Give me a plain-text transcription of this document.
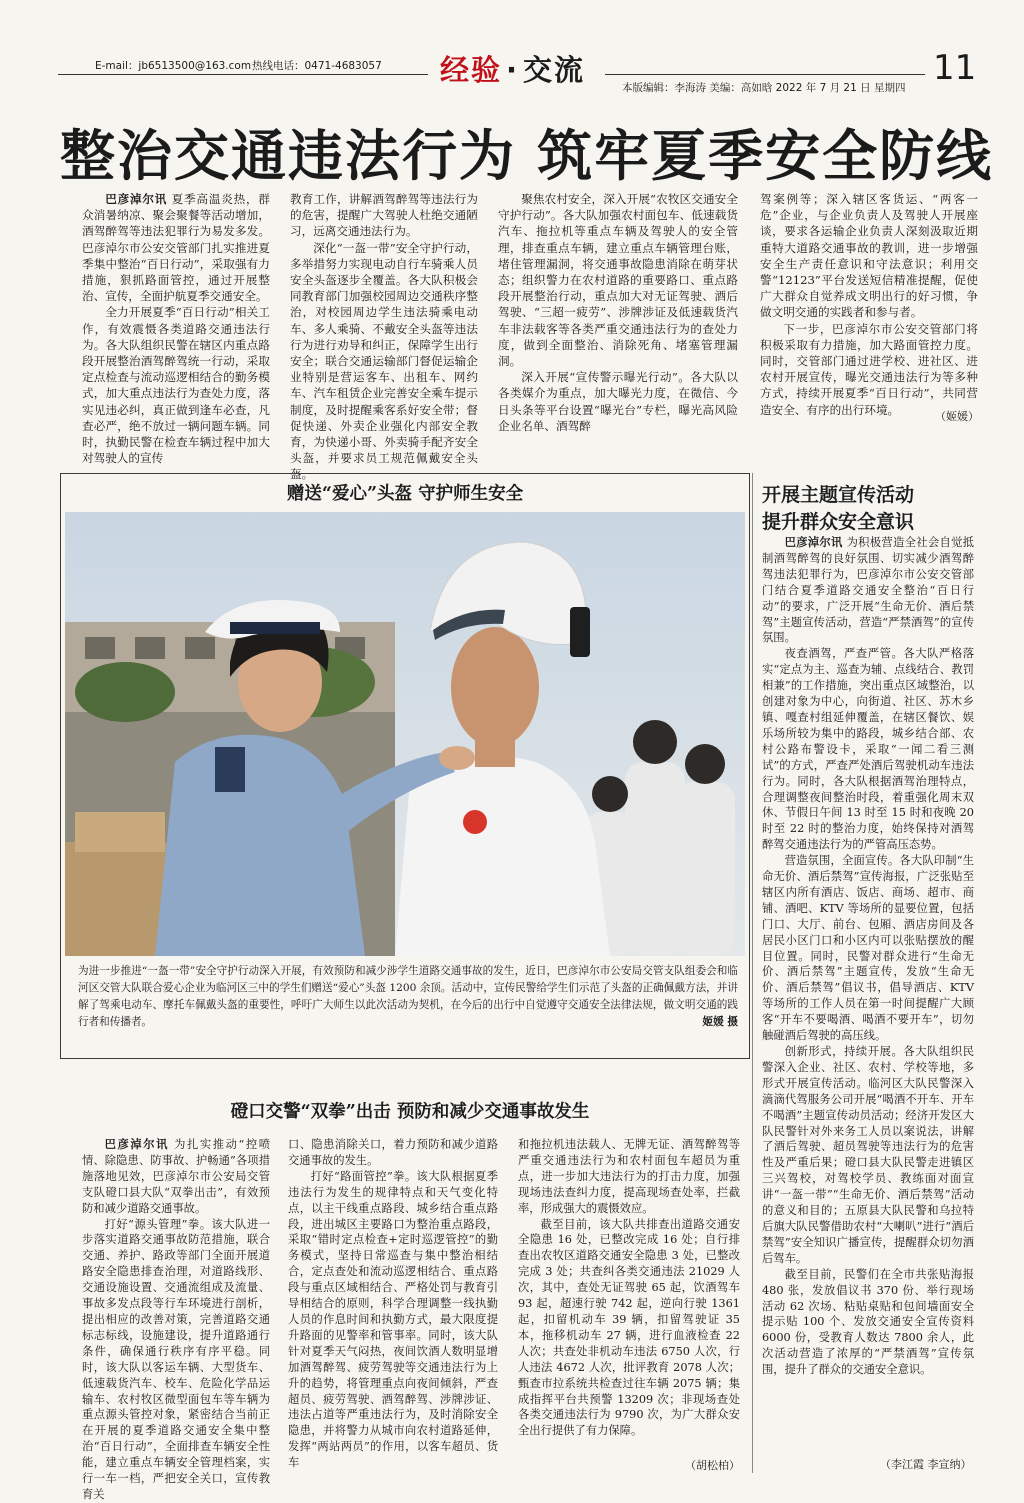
E-mail：jb6513500@163.com 热线电话：0471-4683057 经验 · 交流
本版编辑：李海涛 美编：高如晗 2022 年 7 月 21 日 星期四 11
整治交通违法行为 筑牢夏季安全防线

巴彦淖尔讯 夏季高温炎热，群众消暑纳凉、聚会聚餐等活动增加，酒驾醉驾等违法犯罪行为易发多发。巴彦淖尔市公安交管部门扎实推进夏季集中整治“百日行动”，采取强有力措施，狠抓路面管控，通过开展整治、宣传，全面护航夏季交通安全。

全力开展夏季“百日行动”相关工作，有效震慑各类道路交通违法行为。各大队组织民警在辖区内重点路段开展整治酒驾醉驾统一行动，采取定点检查与流动巡逻相结合的勤务模式，加大重点违法行为查处力度，落实见违必纠，真正做到逢车必查，凡查必严，绝不放过一辆问题车辆。同时，执勤民警在检查车辆过程中加大对驾驶人的宣传

教育工作，讲解酒驾醉驾等违法行为的危害，提醒广大驾驶人杜绝交通陋习，远离交通违法行为。

深化“一盔一带”安全守护行动，多举措努力实现电动自行车骑乘人员安全头盔逐步全覆盖。各大队积极会同教育部门加强校园周边交通秩序整治，对校园周边学生违法骑乘电动车、多人乘骑、不戴安全头盔等违法行为进行劝导和纠正，保障学生出行安全；联合交通运输部门督促运输企业特别是营运客车、出租车、网约车、汽车租赁企业完善安全乘车提示制度，及时提醒乘客系好安全带；督促快递、外卖企业强化内部安全教育，为快递小哥、外卖骑手配齐安全头盔，并要求员工规范佩戴安全头盔。

聚焦农村安全，深入开展“农牧区交通安全守护行动”。各大队加强农村面包车、低速载货汽车、拖拉机等重点车辆及驾驶人的安全管理，排查重点车辆，建立重点车辆管理台账，堵住管理漏洞，将交通事故隐患消除在萌芽状态；组织警力在农村道路的重要路口、重点路段开展整治行动，重点加大对无证驾驶、酒后驾驶、“三超一疲劳”、涉牌涉证及低速载货汽车非法载客等各类严重交通违法行为的查处力度，做到全面整治、消除死角、堵塞管理漏洞。

深入开展“宣传警示曝光行动”。各大队以各类媒介为重点，加大曝光力度，在微信、今日头条等平台设置“曝光台”专栏，曝光高风险企业名单、酒驾醉

驾案例等；深入辖区客货运、“两客一危”企业，与企业负责人及驾驶人开展座谈，要求各运输企业负责人深刻汲取近期重特大道路交通事故的教训，进一步增强安全生产责任意识和守法意识；利用交警“12123”平台发送短信精准提醒，促使广大群众自觉养成文明出行的好习惯，争做文明交通的实践者和参与者。

下一步，巴彦淖尔市公安交管部门将积极采取有力措施，加大路面管控力度。同时，交管部门通过进学校、进社区、进农村开展宣传，曝光交通违法行为等多种方式，持续开展夏季“百日行动”，共同营造安全、有序的出行环境。	（姬媛）
赠送“爱心”头盔 守护师生安全
为进一步推进“一盔一带”安全守护行动深入开展，有效预防和减少涉学生道路交通事故的发生，近日，巴彦淖尔市公安局交管支队组委会和临河区交管大队联合爱心企业为临河区三中的学生们赠送“爱心”头盔 1200 余顶。活动中，宣传民警给学生们示范了头盔的正确佩戴方法，并讲解了驾乘电动车、摩托车佩戴头盔的重要性，呼吁广大师生以此次活动为契机，在今后的出行中自觉遵守交通安全法律法规，做文明交通的践行者和传播者。	姬媛 摄
开展主题宣传活动
提升群众安全意识

巴彦淖尔讯 为积极营造全社会自觉抵制酒驾醉驾的良好氛围、切实减少酒驾醉驾违法犯罪行为，巴彦淖尔市公安交管部门结合夏季道路交通安全整治“百日行动”的要求，广泛开展“生命无价、酒后禁驾”主题宣传活动，营造“严禁酒驾”的宣传氛围。

夜查酒驾，严查严管。各大队严格落实“定点为主、巡查为辅、点线结合、教罚相兼”的工作措施，突出重点区域整治，以创建对象为中心，向街道、社区、苏木乡镇、嘎查村组延伸覆盖，在辖区餐饮、娱乐场所较为集中的路段，城乡结合部、农村公路布警设卡，采取“一闻二看三测试”的方式，严查严处酒后驾驶机动车违法行为。同时，各大队根据酒驾治理特点，合理调整夜间整治时段，着重强化周末双休、节假日午间 13 时至 15 时和夜晚 20 时至 22 时的整治力度，始终保持对酒驾醉驾交通违法行为的严管高压态势。

营造氛围，全面宣传。各大队印制“生命无价、酒后禁驾”宣传海报，广泛张贴至辖区内所有酒店、饭店、商场、超市、商铺、酒吧、KTV 等场所的显要位置，包括门口、大厅、前台、包厢、酒店房间及各居民小区门口和小区内可以张贴摆放的醒目位置。同时，民警对群众进行“生命无价、酒后禁驾”主题宣传，发放“生命无价、酒后禁驾”倡议书，倡导酒店、KTV 等场所的工作人员在第一时间提醒广大顾客“开车不要喝酒、喝酒不要开车”，切勿触碰酒后驾驶的高压线。

创新形式，持续开展。各大队组织民警深入企业、社区、农村、学校等地，多形式开展宣传活动。临河区大队民警深入滴滴代驾服务公司开展“喝酒不开车、开车不喝酒”主题宣传动员活动；经济开发区大队民警针对外来务工人员以案说法，讲解了酒后驾驶、超员驾驶等违法行为的危害性及严重后果；磴口县大队民警走进镇区三兴驾校，对驾校学员、教练面对面宣讲“一盔一带”“生命无价、酒后禁驾”活动的意义和目的；五原县大队民警和乌拉特后旗大队民警借助农村“大喇叭”进行“酒后禁驾”安全知识广播宣传，提醒群众切勿酒后驾车。

截至目前，民警们在全市共张贴海报 480 张，发放倡议书 370 份、举行现场活动 62 次场、粘贴桌贴和包间墙面安全提示贴 100 个、发放交通安全宣传资料 6000 份，受教育人数达 7800 余人，此次活动营造了浓厚的“严禁酒驾”宣传氛围，提升了群众的交通安全意识。

（李江霞 李宣纳）
磴口交警“双拳”出击 预防和减少交通事故发生

巴彦淖尔讯 为扎实推动“控喷情、除隐患、防事故、护畅通”各项措施落地见效，巴彦淖尔市公安局交管支队磴口县大队“双拳出击”，有效预防和减少道路交通事故。

打好“源头管理”拳。该大队进一步落实道路交通事故防范措施，联合交通、养护、路政等部门全面开展道路安全隐患排查治理，对道路线形、交通设施设置、交通流组成及流量、事故多发点段等行车环境进行剖析，提出相应的改善对策，完善道路交通标志标线，设施建设，提升道路通行条件，确保通行秩序有序平稳。同时，该大队以客运车辆、大型货车、低速载货汽车、校车、危险化学品运输车、农村牧区微型面包车等车辆为重点源头管控对象，紧密结合当前正在开展的夏季道路交通安全集中整治“百日行动”，全面排查车辆安全性能，建立重点车辆安全管理档案，实行一车一档，严把安全关口，宣传教育关

口、隐患消除关口，着力预防和减少道路交通事故的发生。

打好“路面管控”拳。该大队根据夏季违法行为发生的规律特点和天气变化特点，以主干线重点路段、城乡结合重点路段，进出城区主要路口为整治重点路段，采取“错时定点检查+定时巡逻管控”的勤务模式，坚持日常巡查与集中整治相结合，定点查处和流动巡逻相结合、重点路段与重点区域相结合、严格处罚与教育引导相结合的原则，科学合理调整一线执勤人员的作息时间和执勤方式，最大限度提升路面的见警率和管事率。同时，该大队针对夏季天气闷热，夜间饮酒人数明显增加酒驾醉驾、疲劳驾驶等交通违法行为上升的趋势，将管理重点向夜间倾斜，严查超员、疲劳驾驶、酒驾醉驾、涉牌涉证、违法占道等严重违法行为，及时消除安全隐患，并将警力从城市向农村道路延伸，发挥“两站两员”的作用，以客车超员、货车

和拖拉机违法载人、无牌无证、酒驾醉驾等严重交通违法行为和农村面包车超员为重点，进一步加大违法行为的打击力度，加强现场违法查纠力度，提高现场查处率，拦截率，形成强大的震慑效应。

截至目前，该大队共排查出道路交通安全隐患 16 处，已整改完成 16 处；自行排查出农牧区道路交通安全隐患 3 处，已整改完成 3 处；共查纠各类交通违法 21029 人次，其中，查处无证驾驶 65 起，饮酒驾车 93 起，超速行驶 742 起，逆向行驶 1361 起，扣留机动车 39 辆，扣留驾驶证 35 本，拖移机动车 27 辆，进行血液检查 22 人次；共查处非机动车违法 6750 人次，行人违法 4672 人次，批评教育 2078 人次；甄查市拉系统共检查过往车辆 2075 辆；集成指挥平台共预警 13209 次；非现场查处各类交通违法行为 9790 次，为广大群众安全出行提供了有力保障。

（胡松柏）
